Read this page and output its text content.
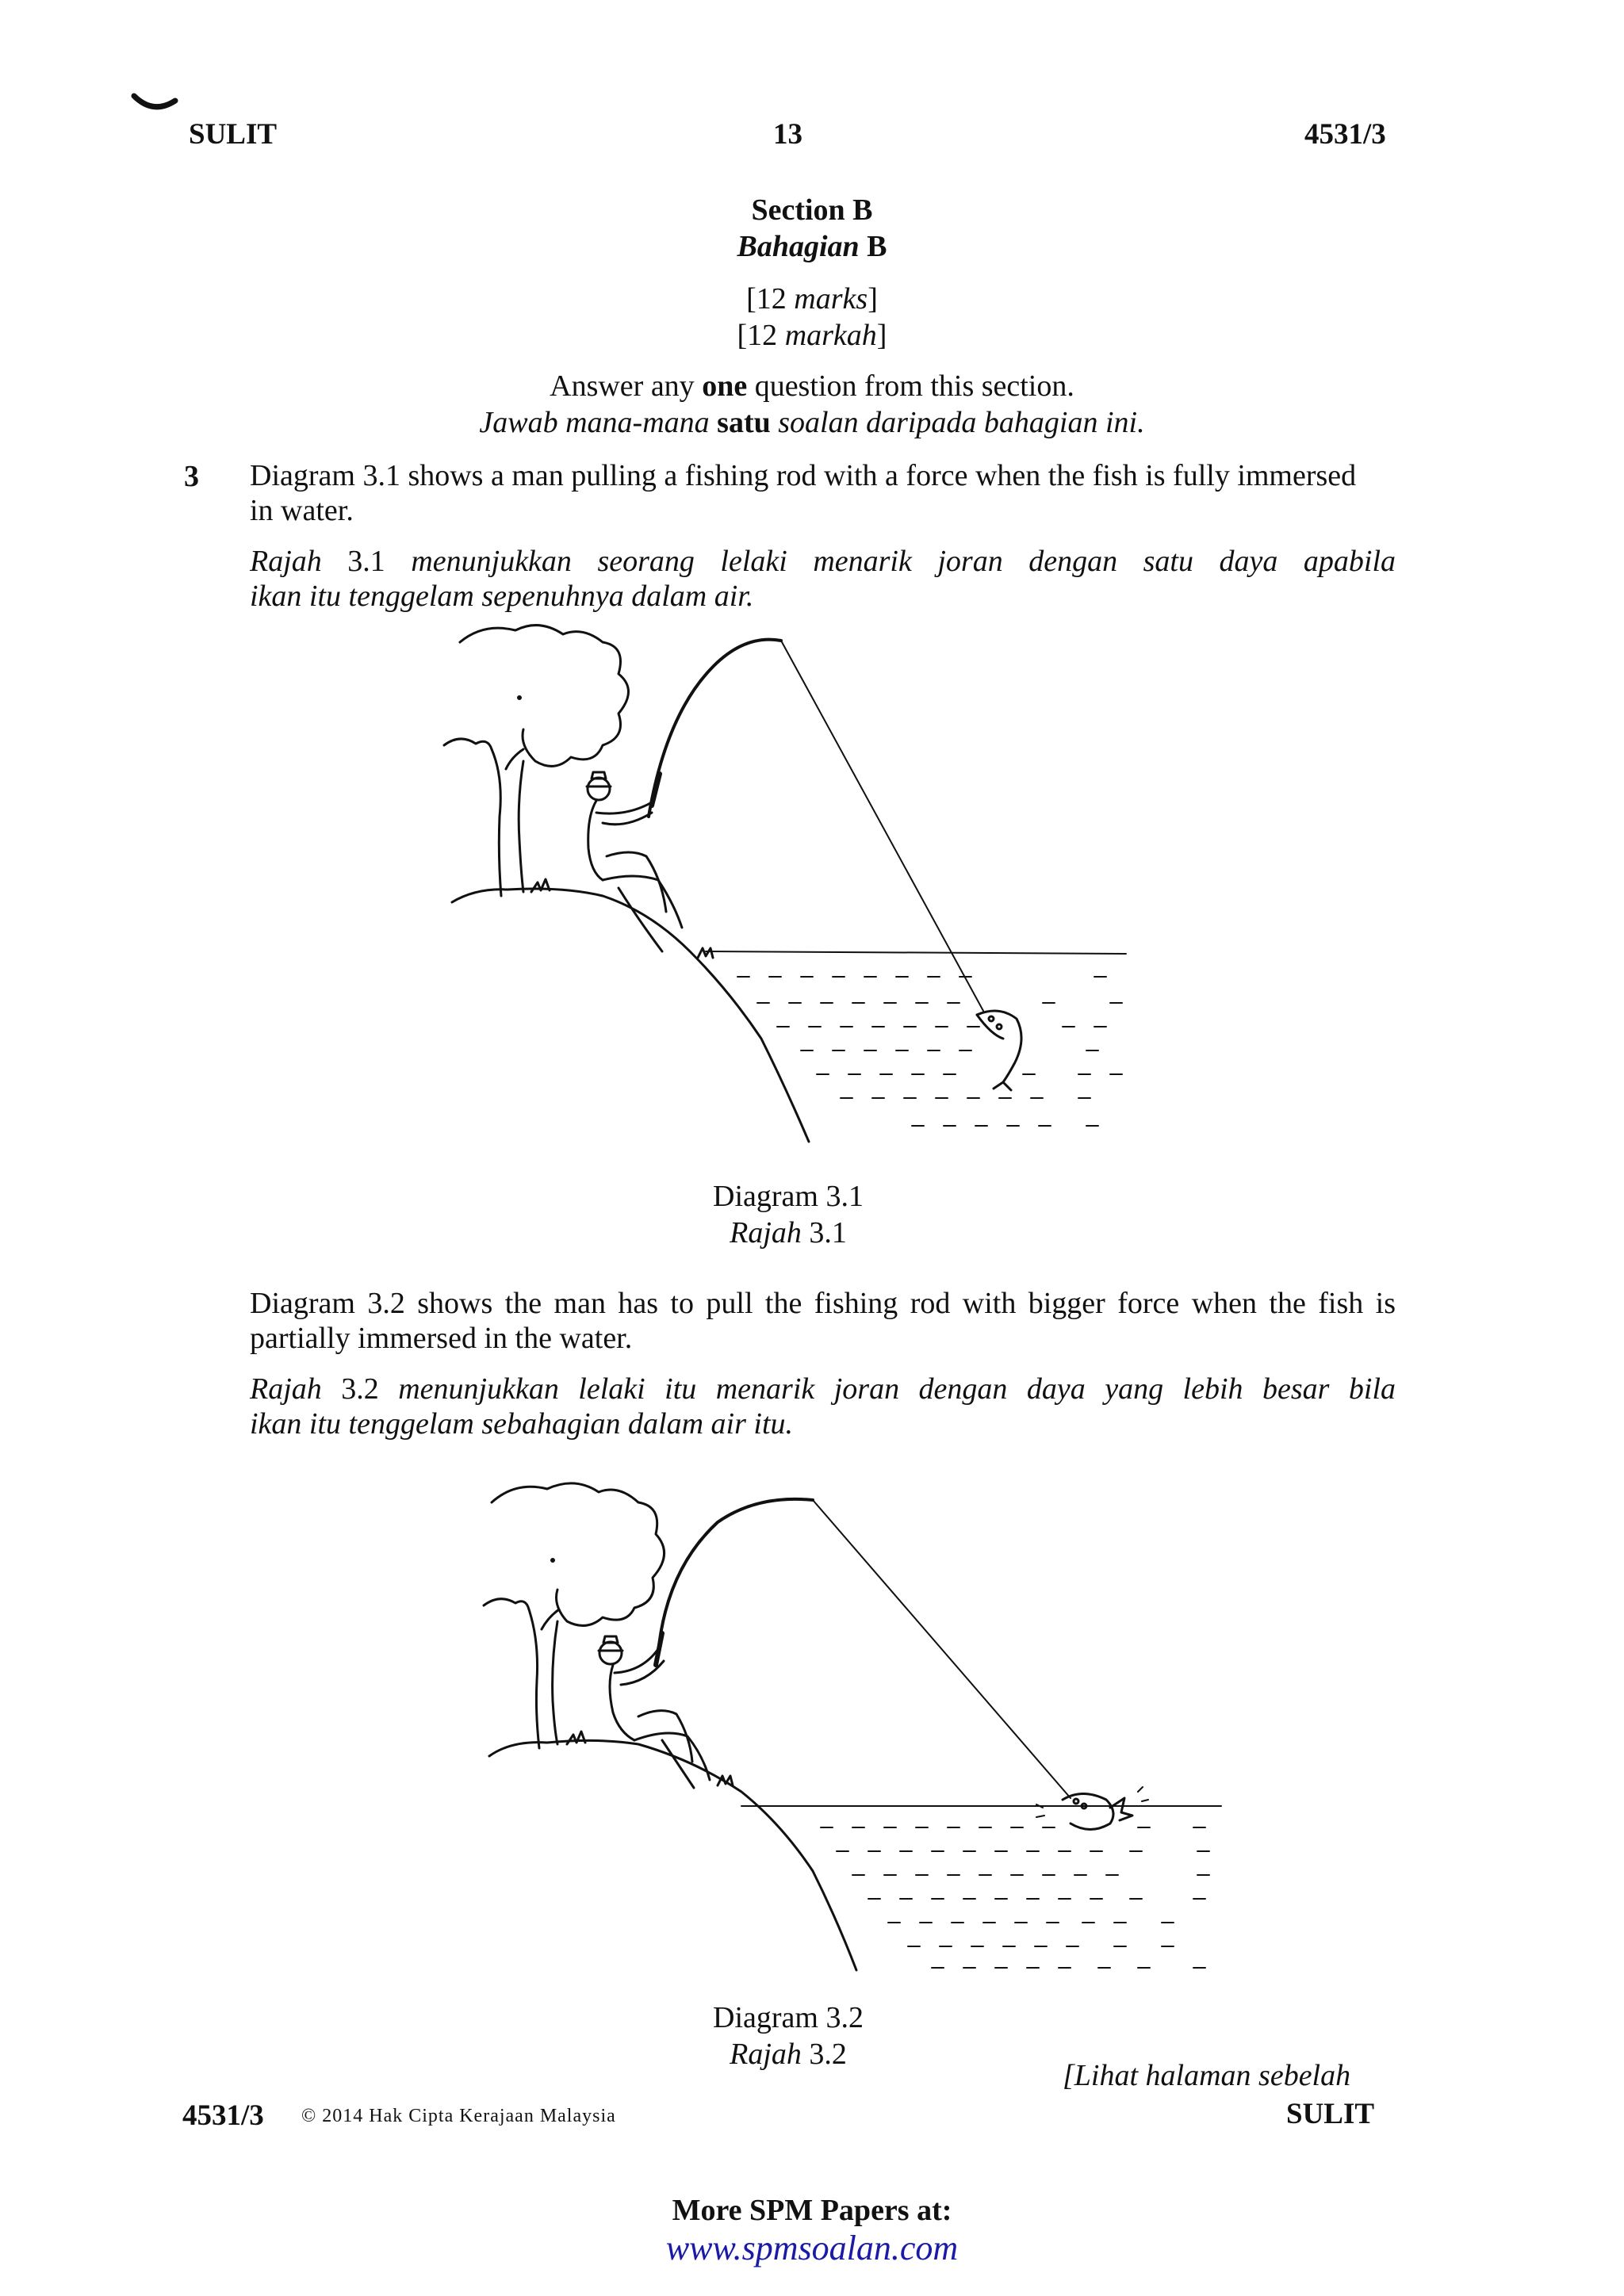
SULIT	13	4531/3
Section B
Bahagian B
[12 marks]
[12 markah]
Answer any one question from this section.
Jawab mana-mana satu soalan daripada bahagian ini.
3 Diagram 3.1 shows a man pulling a fishing rod with a force when the fish is fully immersed
in water.
Rajah 3.1 menunjukkan seorang lelaki menarik joran dengan satu daya apabila
ikan itu tenggelam sepenuhnya dalam air.
Diagram 3.1
Rajah 3.1
Diagram 3.2 shows the man has to pull the fishing rod with bigger force when the fish is
partially immersed in the water.
Rajah 3.2 menunjukkan lelaki itu menarik joran dengan daya yang lebih besar bila
ikan itu tenggelam sebahagian dalam air itu.
Diagram 3.2
Rajah 3.2
[Lihat halaman sebelah
4531/3 © 2014 Hak Cipta Kerajaan Malaysia	SULIT
More SPM Papers at:
www.spmsoalan.com
